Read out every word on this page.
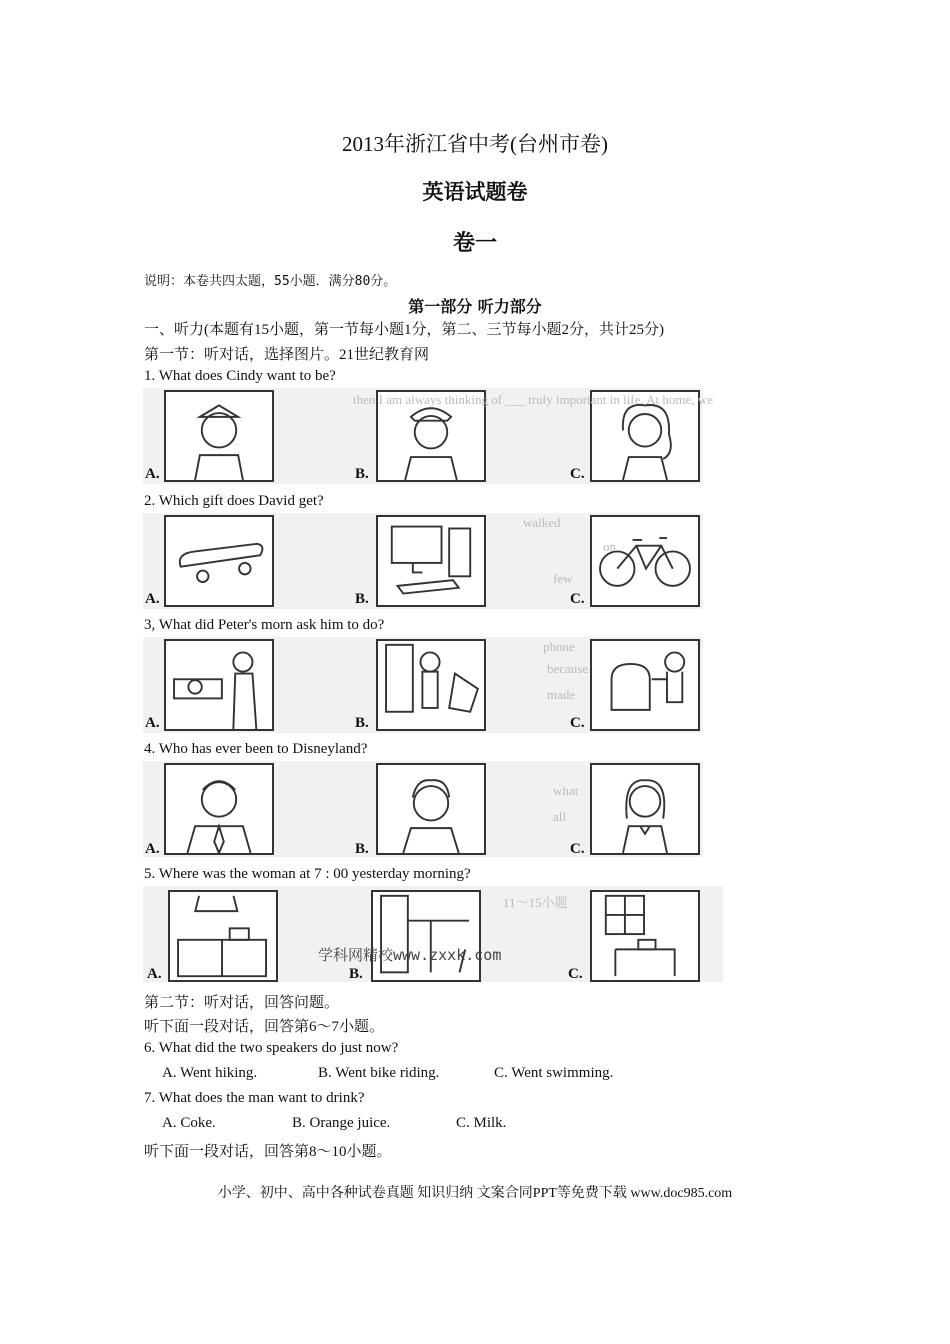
2013年浙江省中考(台州市卷)
英语试题卷
卷一
说明：本卷共四太题，55小题．满分80分。
第一部分 听力部分
一、听力(本题有15小题，第一节每小题1分，第二、三节每小题2分，共计25分)
第一节：听对话，选择图片。21世纪教育网
1. What does Cindy want to be?
then I am always thinking of ___ truly important in life. At home, we
A.	B.	C.
2. Which gift does David get?
walked
on
few
A.	B.	C.
3, What did Peter's morn ask him to do?
phone
because
made
A.	B.	C.
4. Who has ever been to Disneyland?
what
all
A.	B.	C.
5. Where was the woman at 7 : 00 yesterday morning?
11～15小题
A.	B.	C.
学科网精校www.zxxk.com
第二节：听对话，回答问题。
听下面一段对话，回答第6～7小题。
6. What did the two speakers do just now?
A. Went hiking.	B. Went bike riding.	C. Went swimming.
7. What does the man want to drink?
A. Coke.	B. Orange juice.	C. Milk.
听下面一段对话，回答第8～10小题。
小学、初中、高中各种试卷真题 知识归纳 文案合同PPT等免费下载 www.doc985.com
